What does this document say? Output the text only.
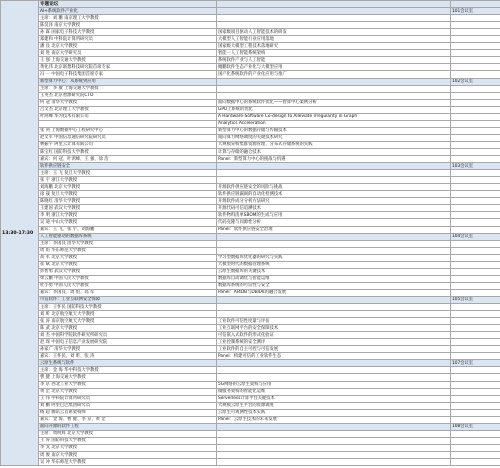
13:30-17:30	专题论坛		
	AI+系统软件产业化		101会议室
	主席：刘 鹏 南京理工大学教授		
	陈昊泽 南京大学教授		
	孙 霖 国家电子科技大学教授	国家级项目驱动人工智能技术的研发	
	郑建和 中科院计算所研究员	大模型人工智能行业应用落地	
	潘 良 北京大学教授	国家级大模型工程技术落地研究	
	刘 进 南京大学研究员	智能一人工智能系统架构	
	王 强 上海交通大学教授	系统软件产业与人工智能	
	黄化伟 北京联想科技研究院首席专家	鲲鹏软件生态产业化与大模型应用	
	冯 一 中国电子科技集团首席专家	国产化系统软件的产业化应用与推广	
	新型算力中心：从系统到应用		102会议室
	主席：李 敏 上海交通大学教授		
	王英杰 北京智源研究院CTO		
	何 冠 清华大学教授	面向数据中心的系统软件优化——智算中心案例分析	
	吕文杰 北京理工大学教授	GPU上系统的优化	
	叶鸿峰 华为技术有限公司	A Hardware-Software Co-design to Alleviate Irregularity in Graph	
		Analytics Acceleration	
	张 剑 上海数据中心工程研究中心	新型算力中心的数据存储与传输技术	
	赵文军 中国信息通信研究院研究员	面向算力网络调度的关键技术研究	
	林振宇 阿里云计算有限公司	大规模异构集群资源管理、分布式存储系统的实践	
	陈宝红 国防科技大学教授	计算与存储的融合技术	
	嘉宾：何 冠、叶鸿峰、王 强、徐 浩	Panel：新型算力中心的挑战与机遇	
	软件供应链安全		103会议室
	主席：王 飞 复旦大学教授		
	张 宇 浙江大学教授		
	刘海鹏 北京大学教授	开源软件供应链安全的风险与挑战	
	徐 晟 复旦大学教授	软件供应链漏洞的自动化检测技术	
	陈晓红 清华大学教授	开源软件成分分析方法研究	
	王建国 武汉大学教授	开源代码可信追溯技术	
	李 明 浙江大学教授	软件物料清单SBOM的生成与应用	
	吴 迪 中山大学教授	代码克隆与同源性分析	
	嘉宾：王 飞、张 宇、刘海鹏	Panel：软件供应链安全治理	
	人工智能驱动的数据库系统		104会议室
	主席：李国良 清华大学教授		
	周 烜 华东师范大学教授		
	高 军 北京大学教授	学习型数据库优化器的研究与实践	
	崔 斌 北京大学教授	大模型时代的数据管理系统	
	彭智勇 武汉大学教授	云原生数据库的关键技术	
	柴云鹏 中国人民大学教授	数据库自动调优与智能运维	
	杜小勇 中国人民大学教授	数据库系统的可信性与安全	
	嘉宾：李国良、周 烜、高 军	Panel：AI4DB与DB4AI的融合发展	
	可信软件：工业互联网安全保障		105会议室
	主席：王怀民 国防科技大学教授		
	刘 昕 北京航空航天大学教授		
	张 涛 南京航空航天大学教授	工业软件可信性度量与评估	
	陈 武 北京大学教授	工业互联网平台的安全保障技术	
	刘 杰 中国科学院软件研究所研究员	可信嵌入式软件的形式化验证	
	赵 琛 中国电子信息产业发展研究院	工业控制系统的安全测评	
	孙家广 清华大学教授	工业软件的自主可控与可信发展	
	嘉宾：王怀民、刘 昕、张 涛	Panel：构建可信的工业软件生态	
	云原生系统与软件		107会议室
	主席：金 海 华中科技大学教授		
	曹 健 上海交通大学教授		
	李 京 西北工业大学教授	5G网络的云原生架构与应用	
	黄 罡 北京大学教授	微服务架构的智能化运维	
	王 伟 中科院计算所研究员	Serverless计算平台关键技术	
	刘 鹏 阿里巴巴集团研究员	大规模云原生平台的资源调度	
	杨 超 腾讯云首席架构师	云原生可观测性技术实践	
	嘉宾：金 海、曹 健、李 京、黄 罡	Panel：云原生技术的未来发展	
	面向开源的软件工程		108会议室
	主席：周明辉 北京大学教授		
	王 涛 国防科技大学教授		
	李 戈 北京大学教授		
	周 俊 南京大学教授		
	吴 冲 华东师范大学教授		
